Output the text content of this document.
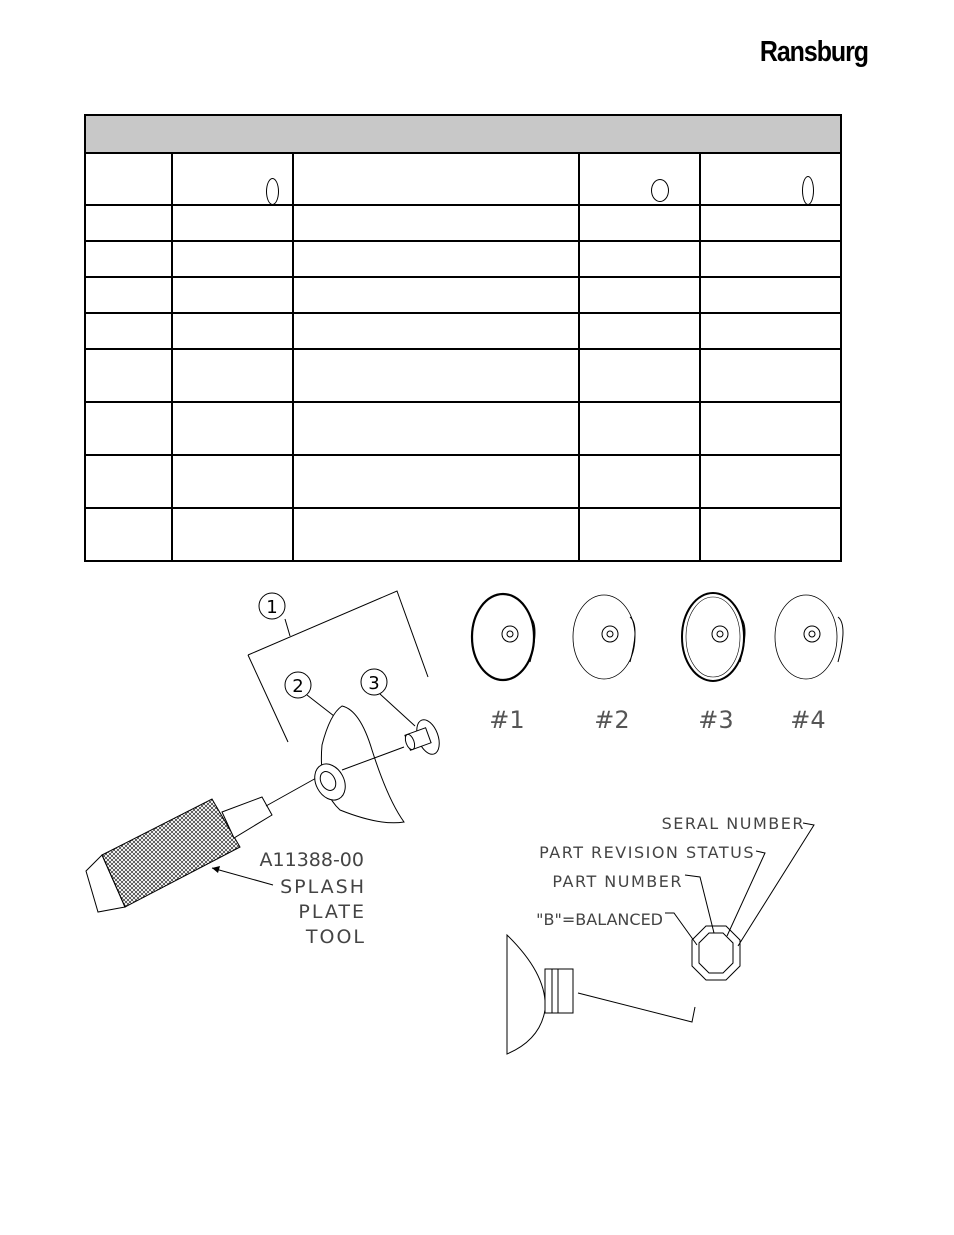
Ransburg

1
2	3
A11388-00
SPLASH
PLATE
TOOL
#1	#2	#3 #4
SERAL NUMBER
PART REVISION STATUS
PART NUMBER
"B"=BALANCED
